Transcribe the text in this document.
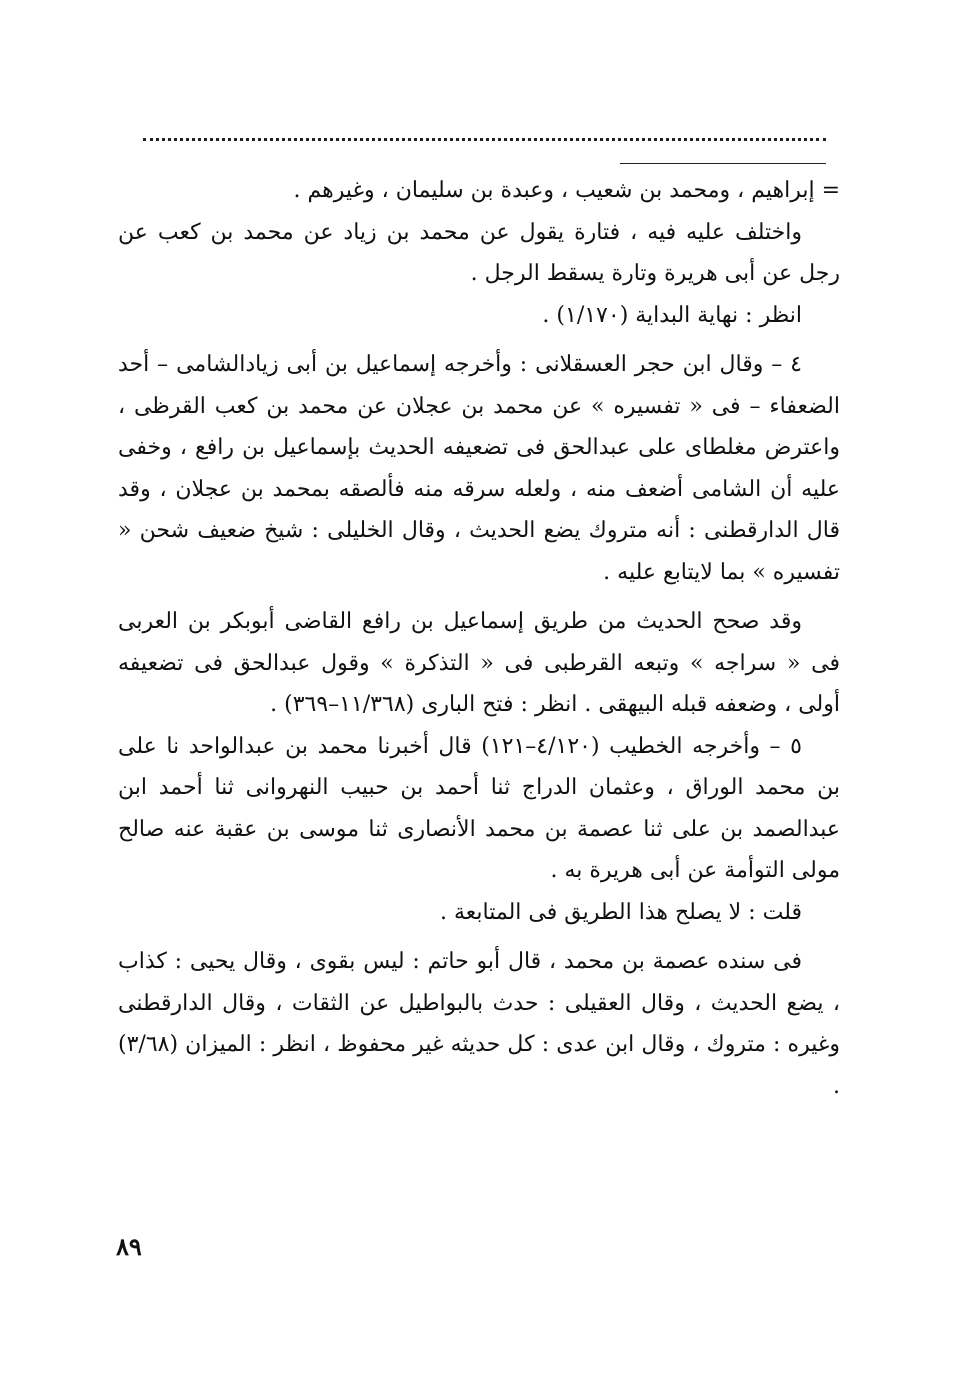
= إبراهيم ، ومحمد بن شعيب ، وعبدة بن سليمان ، وغيرهم .

واختلف عليه فيه ، فتارة يقول عن محمد بن زياد عن محمد بن كعب عن رجل عن أبى هريرة وتارة يسقط الرجل .

انظر : نهاية البداية (١/١٧٠) .

٤ – وقال ابن حجر العسقلانى : وأخرجه إسماعيل بن أبى زيادالشامى – أحد الضعفاء – فى « تفسيره » عن محمد بن عجلان عن محمد بن كعب القرظى ، واعترض مغلطاى على عبدالحق فى تضعيفه الحديث بإسماعيل بن رافع ، وخفى عليه أن الشامى أضعف منه ، ولعله سرقه منه فألصقه بمحمد بن عجلان ، وقد قال الدارقطنى : أنه متروك يضع الحديث ، وقال الخليلى : شيخ ضعيف شحن « تفسيره » بما لايتابع عليه .

وقد صحح الحديث من طريق إسماعيل بن رافع القاضى أبوبكر بن العربى فى « سراجه » وتبعه القرطبى فى « التذكرة » وقول عبدالحق فى تضعيفه أولى ، وضعفه قبله البيهقى . انظر : فتح البارى (١١/٣٦٨–٣٦٩) .

٥ – وأخرجه الخطيب (٤/١٢٠–١٢١) قال أخبرنا محمد بن عبدالواحد نا على بن محمد الوراق ، وعثمان الدراج ثنا أحمد بن حبيب النهروانى ثنا أحمد ابن عبدالصمد بن على ثنا عصمة بن محمد الأنصارى ثنا موسى بن عقبة عنه صالح مولى التوأمة عن أبى هريرة به .

قلت : لا يصلح هذا الطريق فى المتابعة .

فى سنده عصمة بن محمد ، قال أبو حاتم : ليس بقوى ، وقال يحيى : كذاب ، يضع الحديث ، وقال العقيلى : حدث بالبواطيل عن الثقات ، وقال الدارقطنى وغيره : متروك ، وقال ابن عدى : كل حديثه غير محفوظ ، انظر : الميزان (٣/٦٨) .

٨٩
